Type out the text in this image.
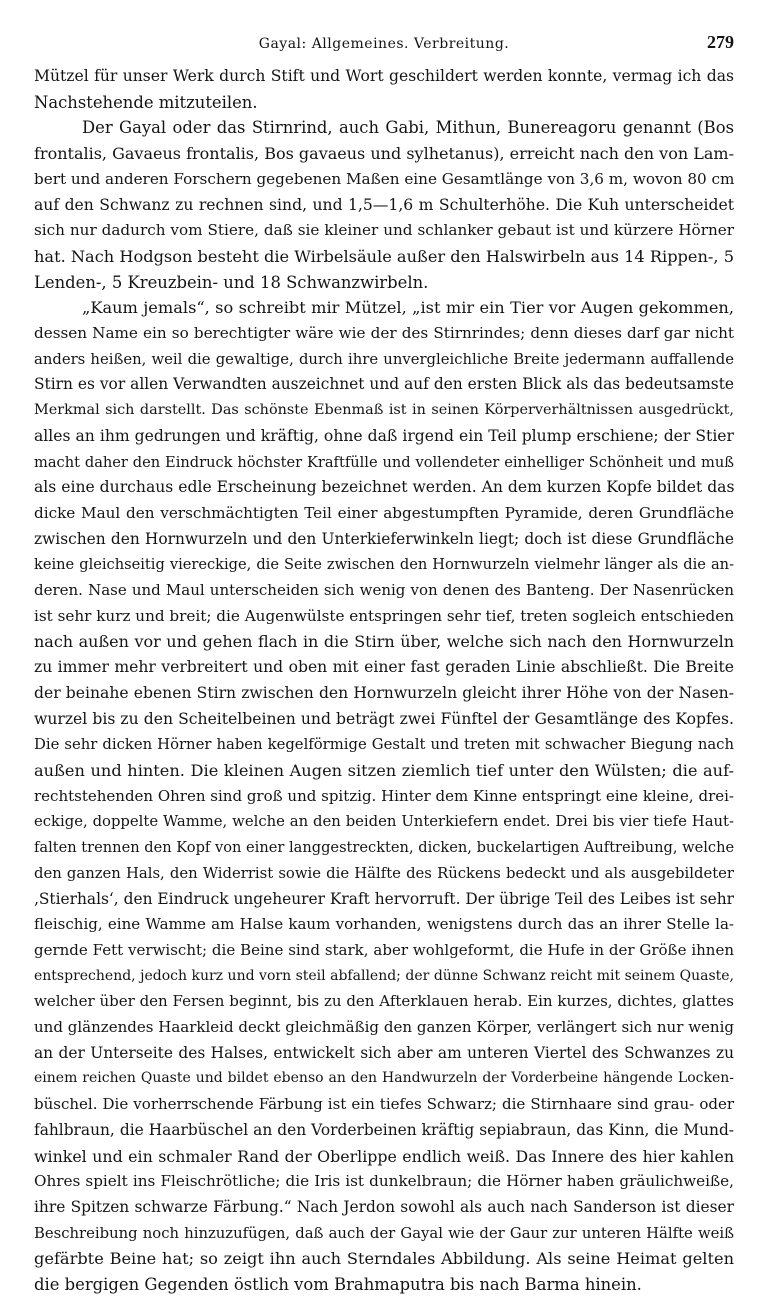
Gayal: Allgemeines. Verbreitung.	279

Mützel für unser Werk durch Stift und Wort geschildert werden konnte, vermag ich das

Nachstehende mitzuteilen.

Der Gayal oder das Stirnrind, auch Gabi, Mithun, Bunereagoru genannt (Bos

frontalis, Gavaeus frontalis, Bos gavaeus und sylhetanus), erreicht nach den von Lam-

bert und anderen Forschern gegebenen Maßen eine Gesamtlänge von 3,6 m, wovon 80 cm

auf den Schwanz zu rechnen sind, und 1,5—1,6 m Schulterhöhe. Die Kuh unterscheidet

sich nur dadurch vom Stiere, daß sie kleiner und schlanker gebaut ist und kürzere Hörner

hat. Nach Hodgson besteht die Wirbelsäule außer den Halswirbeln aus 14 Rippen-, 5

Lenden-, 5 Kreuzbein- und 18 Schwanzwirbeln.

„Kaum jemals“, so schreibt mir Mützel, „ist mir ein Tier vor Augen gekommen,

dessen Name ein so berechtigter wäre wie der des Stirnrindes; denn dieses darf gar nicht

anders heißen, weil die gewaltige, durch ihre unvergleichliche Breite jedermann auffallende

Stirn es vor allen Verwandten auszeichnet und auf den ersten Blick als das bedeutsamste

Merkmal sich darstellt. Das schönste Ebenmaß ist in seinen Körperverhältnissen ausgedrückt,

alles an ihm gedrungen und kräftig, ohne daß irgend ein Teil plump erschiene; der Stier

macht daher den Eindruck höchster Kraftfülle und vollendeter einhelliger Schönheit und muß

als eine durchaus edle Erscheinung bezeichnet werden. An dem kurzen Kopfe bildet das

dicke Maul den verschmächtigten Teil einer abgestumpften Pyramide, deren Grundfläche

zwischen den Hornwurzeln und den Unterkieferwinkeln liegt; doch ist diese Grundfläche

keine gleichseitig viereckige, die Seite zwischen den Hornwurzeln vielmehr länger als die an-

deren. Nase und Maul unterscheiden sich wenig von denen des Banteng. Der Nasenrücken

ist sehr kurz und breit; die Augenwülste entspringen sehr tief, treten sogleich entschieden

nach außen vor und gehen flach in die Stirn über, welche sich nach den Hornwurzeln

zu immer mehr verbreitert und oben mit einer fast geraden Linie abschließt. Die Breite

der beinahe ebenen Stirn zwischen den Hornwurzeln gleicht ihrer Höhe von der Nasen-

wurzel bis zu den Scheitelbeinen und beträgt zwei Fünftel der Gesamtlänge des Kopfes.

Die sehr dicken Hörner haben kegelförmige Gestalt und treten mit schwacher Biegung nach

außen und hinten. Die kleinen Augen sitzen ziemlich tief unter den Wülsten; die auf-

rechtstehenden Ohren sind groß und spitzig. Hinter dem Kinne entspringt eine kleine, drei-

eckige, doppelte Wamme, welche an den beiden Unterkiefern endet. Drei bis vier tiefe Haut-

falten trennen den Kopf von einer langgestreckten, dicken, buckelartigen Auftreibung, welche

den ganzen Hals, den Widerrist sowie die Hälfte des Rückens bedeckt und als ausgebildeter

‚Stierhals‘, den Eindruck ungeheurer Kraft hervorruft. Der übrige Teil des Leibes ist sehr

fleischig, eine Wamme am Halse kaum vorhanden, wenigstens durch das an ihrer Stelle la-

gernde Fett verwischt; die Beine sind stark, aber wohlgeformt, die Hufe in der Größe ihnen

entsprechend, jedoch kurz und vorn steil abfallend; der dünne Schwanz reicht mit seinem Quaste,

welcher über den Fersen beginnt, bis zu den Afterklauen herab. Ein kurzes, dichtes, glattes

und glänzendes Haarkleid deckt gleichmäßig den ganzen Körper, verlängert sich nur wenig

an der Unterseite des Halses, entwickelt sich aber am unteren Viertel des Schwanzes zu

einem reichen Quaste und bildet ebenso an den Handwurzeln der Vorderbeine hängende Locken-

büschel. Die vorherrschende Färbung ist ein tiefes Schwarz; die Stirnhaare sind grau- oder

fahlbraun, die Haarbüschel an den Vorderbeinen kräftig sepiabraun, das Kinn, die Mund-

winkel und ein schmaler Rand der Oberlippe endlich weiß. Das Innere des hier kahlen

Ohres spielt ins Fleischrötliche; die Iris ist dunkelbraun; die Hörner haben gräulichweiße,

ihre Spitzen schwarze Färbung.“ Nach Jerdon sowohl als auch nach Sanderson ist dieser

Beschreibung noch hinzuzufügen, daß auch der Gayal wie der Gaur zur unteren Hälfte weiß

gefärbte Beine hat; so zeigt ihn auch Sterndales Abbildung. Als seine Heimat gelten

die bergigen Gegenden östlich vom Brahmaputra bis nach Barma hinein.
